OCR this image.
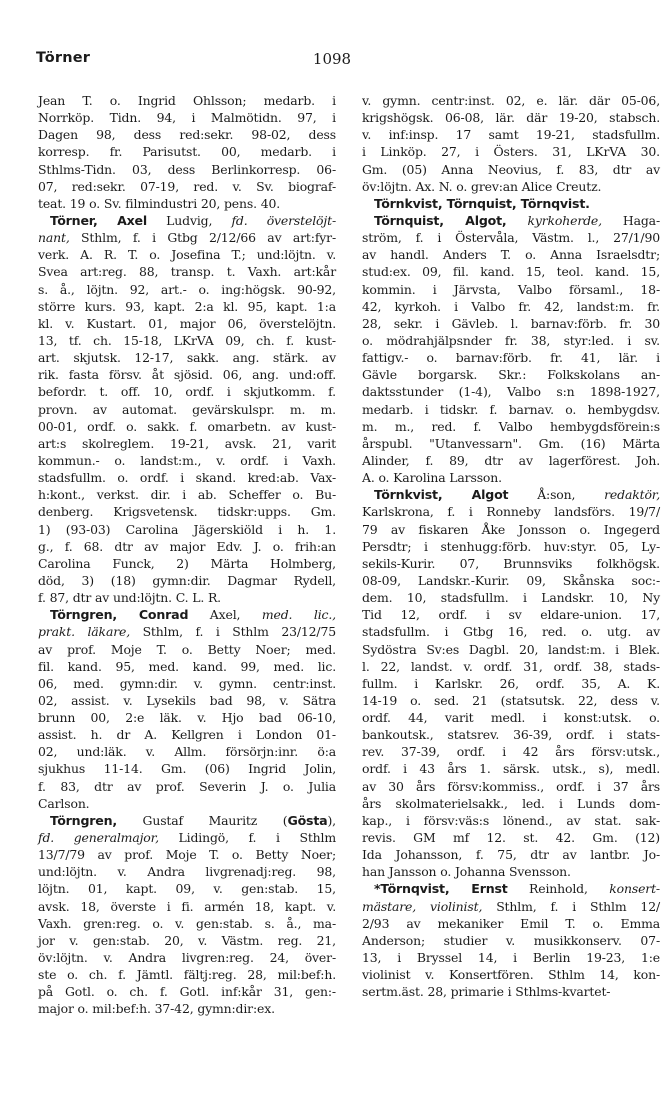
Törner	1098
Jean T. o. Ingrid Ohlsson; medarb. i
Norrköp. Tidn. 94, i Malmötidn. 97, i
Dagen 98, dess red:sekr. 98-02, dess
korresp. fr. Parisutst. 00, medarb. i
Sthlms-Tidn. 03, dess Berlinkorresp. 06-
07, red:sekr. 07-19, red. v. Sv. biograf-
teat. 19 o. Sv. filmindustri 20, pens. 40.
Törner, Axel Ludvig, fd. överstelöjt-
nant, Sthlm, f. i Gtbg 2/12/66 av art:fyr-
verk. A. R. T. o. Josefina T.; und:löjtn. v.
Svea art:reg. 88, transp. t. Vaxh. art:kår
s. å., löjtn. 92, art.- o. ing:högsk. 90-92,
större kurs. 93, kapt. 2:a kl. 95, kapt. 1:a
kl. v. Kustart. 01, major 06, överstelöjtn.
13, tf. ch. 15-18, LKrVA 09, ch. f. kust-
art. skjutsk. 12-17, sakk. ang. stärk. av
rik. fasta försv. åt sjösid. 06, ang. und:off.
befordr. t. off. 10, ordf. i skjutkomm. f.
provn. av automat. gevärskulspr. m. m.
00-01, ordf. o. sakk. f. omarbetn. av kust-
art:s skolreglem. 19-21, avsk. 21, varit
kommun.- o. landst:m., v. ordf. i Vaxh.
stadsfullm. o. ordf. i skand. kred:ab. Vax-
h:kont., verkst. dir. i ab. Scheffer o. Bu-
denberg. Krigsvetensk. tidskr:upps. Gm.
1) (93-03) Carolina Jägerskiöld i h. 1.
g., f. 68. dtr av major Edv. J. o. frih:an
Carolina Funck, 2) Märta Holmberg,
död, 3) (18) gymn:dir. Dagmar Rydell,
f. 87, dtr av und:löjtn. C. L. R.
Törngren, Conrad Axel, med. lic.,
prakt. läkare, Sthlm, f. i Sthlm 23/12/75
av prof. Moje T. o. Betty Noer; med.
fil. kand. 95, med. kand. 99, med. lic.
06, med. gymn:dir. v. gymn. centr:inst.
02, assist. v. Lysekils bad 98, v. Sätra
brunn 00, 2:e läk. v. Hjo bad 06-10,
assist. h. dr A. Kellgren i London 01-
02, und:läk. v. Allm. försörjn:inr. ö:a
sjukhus 11-14. Gm. (06) Ingrid Jolin,
f. 83, dtr av prof. Severin J. o. Julia
Carlson.
Törngren, Gustaf Mauritz (Gösta),
fd. generalmajor, Lidingö, f. i Sthlm
13/7/79 av prof. Moje T. o. Betty Noer;
und:löjtn. v. Andra livgrenadj:reg. 98,
löjtn. 01, kapt. 09, v. gen:stab. 15,
avsk. 18, överste i fi. armén 18, kapt. v.
Vaxh. gren:reg. o. v. gen:stab. s. å., ma-
jor v. gen:stab. 20, v. Västm. reg. 21,
öv:löjtn. v. Andra livgren:reg. 24, över-
ste o. ch. f. Jämtl. fältj:reg. 28, mil:bef:h.
på Gotl. o. ch. f. Gotl. inf:kår 31, gen:-
major o. mil:bef:h. 37-42, gymn:dir:ex.
v. gymn. centr:inst. 02, e. lär. där 05-06,
krigshögsk. 06-08, lär. där 19-20, stabsch.
v. inf:insp. 17 samt 19-21, stadsfullm.
i Linköp. 27, i Östers. 31, LKrVA 30.
Gm. (05) Anna Neovius, f. 83, dtr av
öv:löjtn. Ax. N. o. grev:an Alice Creutz.
Törnkvist, Törnquist, Törnqvist.
Törnquist, Algot, kyrkoherde, Haga-
ström, f. i Östervåla, Västm. l., 27/1/90
av handl. Anders T. o. Anna Israelsdtr;
stud:ex. 09, fil. kand. 15, teol. kand. 15,
kommin. i Järvsta, Valbo församl., 18-
42, kyrkoh. i Valbo fr. 42, landst:m. fr.
28, sekr. i Gävleb. l. barnav:förb. fr. 30
o. mödrahjälpsnder fr. 38, styr:led. i sv.
fattigv.- o. barnav:förb. fr. 41, lär. i
Gävle borgarsk. Skr.: Folkskolans an-
daktsstunder (1-4), Valbo s:n 1898-1927,
medarb. i tidskr. f. barnav. o. hembygdsv.
m. m., red. f. Valbo hembygdsförein:s
årspubl. "Utanvessarn". Gm. (16) Märta
Alinder, f. 89, dtr av lagerförest. Joh.
A. o. Karolina Larsson.
Törnkvist, Algot Å:son, redaktör,
Karlskrona, f. i Ronneby landsförs. 19/7/
79 av fiskaren Åke Jonsson o. Ingegerd
Persdtr; i stenhugg:förb. huv:styr. 05, Ly-
sekils-Kurir. 07, Brunnsviks folkhögsk.
08-09, Landskr.-Kurir. 09, Skånska soc:-
dem. 10, stadsfullm. i Landskr. 10, Ny
Tid 12, ordf. i sv eldare-union. 17,
stadsfullm. i Gtbg 16, red. o. utg. av
Sydöstra Sv:es Dagbl. 20, landst:m. i Blek.
l. 22, landst. v. ordf. 31, ordf. 38, stads-
fullm. i Karlskr. 26, ordf. 35, A. K.
14-19 o. sed. 21 (statsutsk. 22, dess v.
ordf. 44, varit medl. i konst:utsk. o.
bankoutsk., statsrev. 36-39, ordf. i stats-
rev. 37-39, ordf. i 42 års försv:utsk.,
ordf. i 43 års 1. särsk. utsk., s), medl.
av 30 års försv:kommiss., ordf. i 37 års
års skolmaterielsakk., led. i Lunds dom-
kap., i försv:väs:s lönend., av stat. sak-
revis. GM mf 12. st. 42. Gm. (12)
Ida Johansson, f. 75, dtr av lantbr. Jo-
han Jansson o. Johanna Svensson.
*Törnqvist, Ernst Reinhold, konsert-
mästare, violinist, Sthlm, f. i Sthlm 12/
2/93 av mekaniker Emil T. o. Emma
Anderson; studier v. musikkonserv. 07-
13, i Bryssel 14, i Berlin 19-23, 1:e
violinist v. Konsertfören. Sthlm 14, kon-
sertm.äst. 28, primarie i Sthlms-kvartet-
